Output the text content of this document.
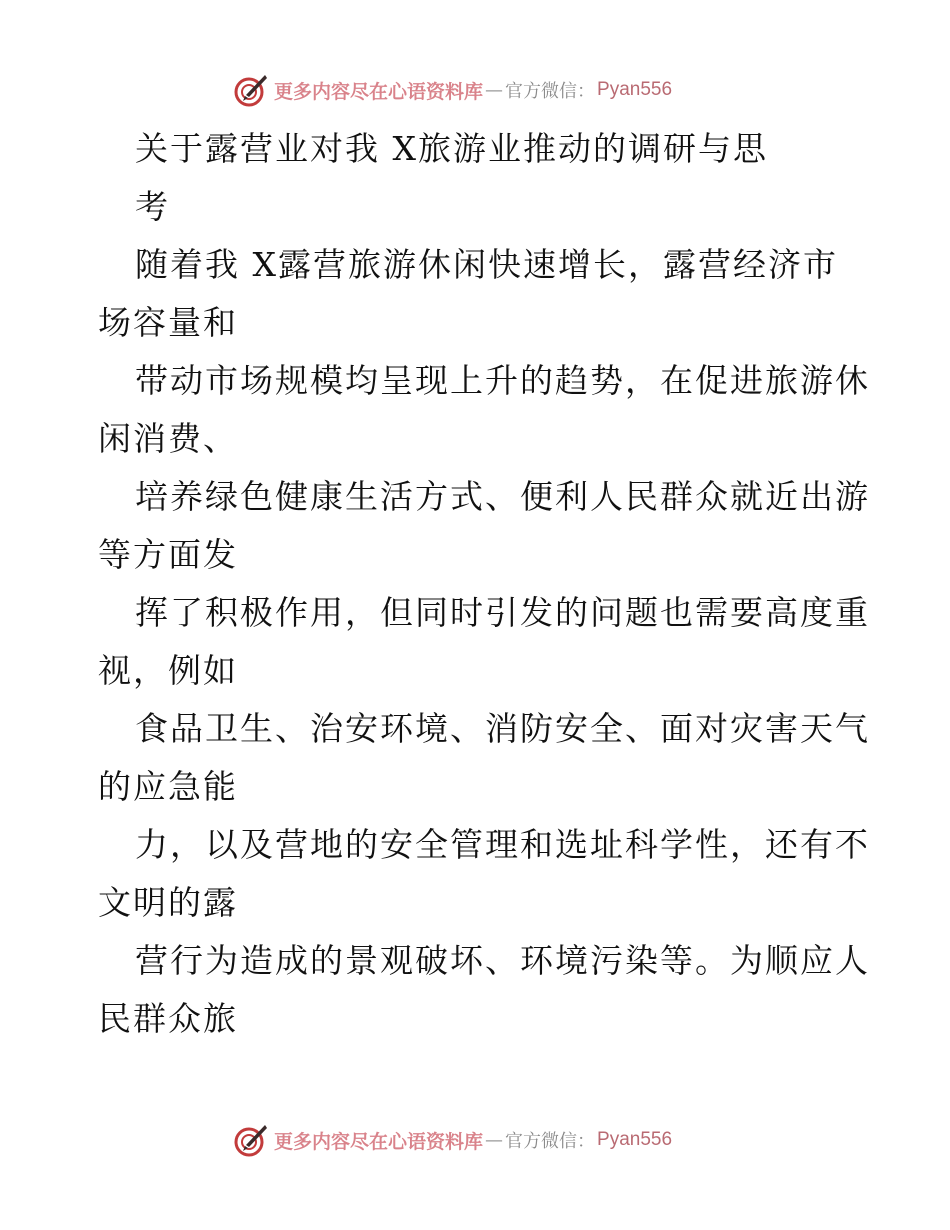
更多内容尽在心语资料库 — 官方微信： Pyan556
关于露营业对我 X旅游业推动的调研与思
考
随着我 X露营旅游休闲快速增长，露营经济市
场容量和
带动市场规模均呈现上升的趋势，在促进旅游休
闲消费、
培养绿色健康生活方式、便利人民群众就近出游
等方面发
挥了积极作用，但同时引发的问题也需要高度重
视，例如
食品卫生、治安环境、消防安全、面对灾害天气
的应急能
力，以及营地的安全管理和选址科学性，还有不
文明的露
营行为造成的景观破坏、环境污染等。为顺应人
民群众旅
更多内容尽在心语资料库 — 官方微信： Pyan556
